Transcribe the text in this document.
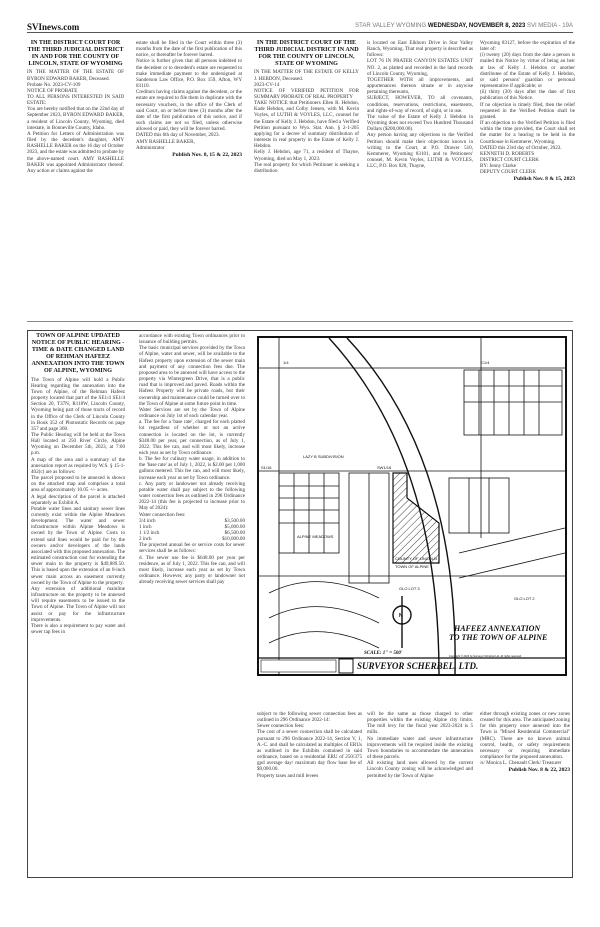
SVInews.com	STAR VALLEY WYOMING WEDNESDAY, NOVEMBER 8, 2023 SVI MEDIA - 19A
IN THE DISTRICT COURT FOR THE THIRD JUDICIAL DISTRICT IN AND FOR THE COUNTY OF LINCOLN, STATE OF WYOMING

IN THE MATTER OF THE ESTATE OF BYRON EDWARD BAKER, Deceased.

Probate No. 2023-CV-109

NOTICE OF PROBATE

TO ALL PERSONS INTERESTED IN SAID ESTATE:

You are hereby notified that on the 22nd day of September 2023, BYRON EDWARD BAKER, a resident of Lincoln County, Wyoming, died intestate, in Bonneville County, Idaho.

A Petition for Letters of Administration was filed by the decedent's daughter, AMY RASHELLE BAKER on the 16 day of October 2023, and the estate was admitted to probate by the above-named court. AMY RASHELLE BAKER was appointed Administrator thereof. Any action or claims against the

estate shall be filed in the Court within three (3) months from the date of the first publication of this notice, or thereafter be forever barred.

Notice is further given that all persons indebted to the decedent or to decedent's estate are requested to make immediate payment to the undersigned at Sanderson Law Office, P.O. Box 159, Afton, WY 83110.

Creditors having claims against the decedent, or the estate are required to file them in duplicate with the necessary vouchers, in the office of the Clerk of said Court, on or before three (3) months after the date of the first publication of this notice, and if such claims are not so filed, unless otherwise allowed or paid, they will be forever barred.

DATED this 6th day of November, 2023.

AMY RASHELLE BAKER,

Administrator

Publish Nov. 8, 15 & 22, 2023
IN THE DISTRICT COURT OF THE THIRD JUDICIAL DISTRICT IN AND FOR THE COUNTY OF LINCOLN, STATE OF WYOMING

IN THE MATTER OF THE ESTATE OF KELLY J. HEBDON, Deceased.

2023-CV-14

NOTICE OF VERIFIED PETITION FOR SUMMARY PROBATE OF REAL PROPERTY

TAKE NOTICE that Petitioners Ellen R. Hebdon, Kade Hebdon, and Colby Jensen, with M. Kevin Voyles, of LUTHI & VOYLES, LLC, counsel for the Estate of Kelly J. Hebdon, have filed a Verified Petition pursuant to Wyo. Stat. Ann. § 2-1-205 applying for a decree of summary distribution of interests in real property in the Estate of Kelly J. Hebdon.

Kelly J. Hebdon, age 71, a resident of Thayne, Wyoming, died on May 1, 2023.

The real property for which Petitioner is seeking a distribution

is located on East Elkhorn Drive in Star Valley Ranch, Wyoming. That real property is described as follows:

LOT 76 IN PRATER CANYON ESTATES UNIT NO. 2, as platted and recorded in the land records of Lincoln County, Wyoming,

TOGETHER WITH all improvements, and appurtenances thereon situate or in anywise pertaining thereunto,

SUBJECT, HOWEVER, TO all covenants, conditions, reservations, restrictions, easements, and rights-of-way of record, of sight, or in use.

The value of the Estate of Kelly J. Hebdon in Wyoming does not exceed Two Hundred Thousand Dollars ($200,000.00).

Any person having any objections to the Verified Petition should make their objections known in writing to the Court, at P.O. Drawer 510, Kemmerer, Wyoming 83101, and to Petitioners' counsel, M. Kevin Voyles, LUTHI & VOYLES, LLC, P.O. Box 820, Thayne,

Wyoming 83127, before the expiration of the later of:

(i) twenty (20) days from the date a person is mailed this Notice by virtue of being an heir at law of Kelly J. Hebdon or another distributee of the Estate of Kelly J. Hebdon, or said persons' guardian or personal representative if applicable; or

(ii) thirty (30) days after the date of first publication of this Notice.

If no objection is timely filed, then the relief requested in the Verified Petition shall be granted.

If an objection to the Verified Petition is filed within the time provided, the Court shall set the matter for a hearing to be held in the Courthouse in Kemmerer, Wyoming.

DATED this 23rd day of October, 2023.

KENNETH D. ROBERTS

DISTRICT COURT CLERK

BY: Jenny Clarke

DEPUTY COURT CLERK

Publish Nov. 8 & 15, 2023
TOWN OF ALPINE UPDATED NOTICE OF PUBLIC HEARING - TIME & DATE CHANGED LAND OF REHMAN HAFEEZ ANNEXATION INTO THE TOWN OF ALPINE, WYOMING

The Town of Alpine will hold a Public Hearing regarding the annexation into the Town of Alpine, of the Rehman Hafeez property located that part of the SE1/4 SE1/4 Section 20, T37N, R118W, Lincoln County, Wyoming being part of those tracts of record in the Office of the Clerk of Lincoln County in Book 352 of Photostatic Records on page 357 and page 360.

The Public Hearing will be held at the Town Hall located at 250 River Circle, Alpine Wyoming on December 5th, 2023, at 7:00 p.m.

A map of the area and a summary of the annexation report as required by W.S. § 15-1-402(c) are as follows:

The parcel proposed to be annexed is shown on the attached map and comprises a total area of approximately 10.05 +/- acres.

A legal description of the parcel is attached separately as Exhibit A.

Potable water lines and sanitary sewer lines currently exist within the Alpine Meadows development. The water and sewer infrastructure within Alpine Meadows is owned by the Town of Alpine. Costs to extend said lines would be paid for by the owners and/or developers of the lands associated with this proposed annexation. The estimated construction cost for extending the sewer main to the property is $49,889.50. This is based upon the extension of an 8-inch sewer main across an easement currently owned by the Town of Alpine to the property.

Any extension of additional mainline infrastructure on the property to be annexed will require easements to be issued to the Town of Alpine. The Town of Alpine will not assist or pay for the infrastructure improvements.

There is also a requirement to pay water and sewer tap fees in

accordance with existing Town ordinances prior to issuance of building permits.

The basic municipal services provided by the Town of Alpine, water and sewer, will be available to the Hafeez property upon extension of the sewer main and payment of any connection fees due. The proposed area to be annexed will have access to the property via Wintergreen Drive, that is a public road that is improved and paved. Roads within the Hafeez Property will be private roads, but their ownership and maintenance could be turned over to the Town of Alpine at some future point in time.

Water Services are set by the Town of Alpine ordinance on July 1st of each calendar year.

a. The fee for a 'base rate', charged for each platted lot regardless of whether or not an active connection is located on the lot, is currently $348.00 per year, per connection, as of July 1, 2022. This fee can, and will most likely, increase each year as set by Town ordinance.

b. The fee for culinary water usage, in addition to the 'base rate' as of July 1, 2022, is $2.00 per 1,000 gallons metered. This fee can, and will most likely, increase each year as set by Town ordinance.

c. Any party or landowner not already receiving potable water shall pay subject to the following water connection fees as outlined in 296 Ordinance 2022-14 (this fee is projected to increase prior to May of 2024):

Water connection fees:

3/4 inch	$3,500.00
1 inch	$5,000.00
1 1/2 inch	$6,500.00
2 inch	$10,000.00

The projected annual fee or service costs for sewer services shall be as follows:

d. The sewer use fee is $648.00 per year per residence, as of July 1, 2022. This fee can, and will most likely, increase each year as set by Town ordinance. However, any party or landowner not already receiving sewer services shall pay

C1/4
1/4
SW1/16
S1/16
GLO LOT 2
GLO LOT 3
ALPINE MEADOWS
COUNTY OF LINCOLN
TOWN OF ALPINE
LAZY B SUBDIVISION
N
HAFEEZ ANNEXATION
TO THE TOWN OF ALPINE
SCALE: 1" = 500'
SURVEYOR SCHERBEL, LTD.
Copyright © 2023 by Surveyor Scherbel Ltd. All rights reserved.

subject to the following sewer connection fees as outlined in 296 Ordinance 2022-14:

Sewer connection fees:

The cost of a sewer connection shall be calculated pursuant to 296 Ordinance 2022-14, Section V, 1, A.-C. and shall be calculated as multiples of ERUs as outlined in the Exhibits contained in said ordinance, based on a residential ERU of 250/375 gpd average day/ maximum day flow base fee of $9,000.00.

Property taxes and mill levees

will be the same as those charged to other properties within the existing Alpine city limits. The mill levy for the fiscal year 2023-2024 is 5 mills.

No immediate water and sewer infrastructure improvements will be required inside the existing Town boundaries to accommodate the annexation of these parcels.

All existing land uses allowed by the current Lincoln County zoning will be acknowledged and permitted by the Town of Alpine

either through existing zones or new zones created for this area. The anticipated zoning for this property once annexed into the Town is "Mixed Residential Commercial" (MRC). There are no known animal control, health, or safety requirements necessary or requiring immediate compliance for the proposed annexation.

/s/ Monica L. Chenault Clerk/ Treasurer

Publish Nov. 8 & 22, 2023
